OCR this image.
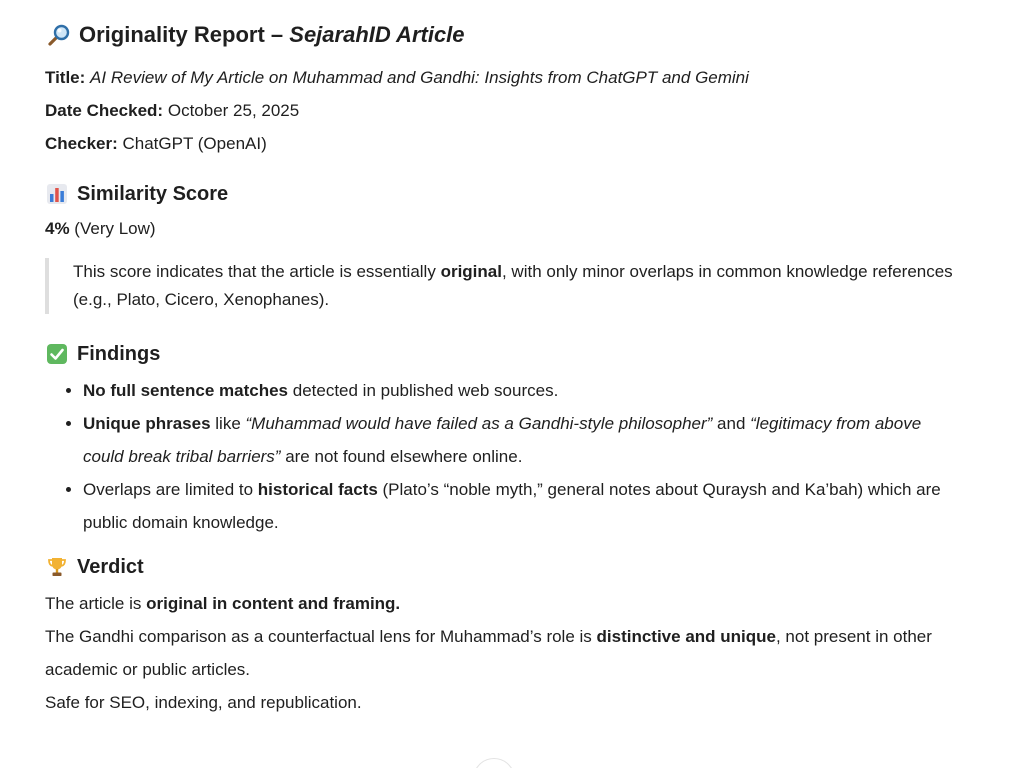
Originality Report – SejarahID Article

Title: AI Review of My Article on Muhammad and Gandhi: Insights from ChatGPT and Gemini

Date Checked: October 25, 2025

Checker: ChatGPT (OpenAI)

Similarity Score

4% (Very Low)

This score indicates that the article is essentially original, with only minor overlaps in common knowledge references (e.g., Plato, Cicero, Xenophanes).
Findings
• No full sentence matches detected in published web sources.
• Unique phrases like “Muhammad would have failed as a Gandhi-style philosopher” and “legitimacy from above could break tribal barriers” are not found elsewhere online.
• Overlaps are limited to historical facts (Plato’s “noble myth,” general notes about Quraysh and Ka’bah) which are public domain knowledge.
Verdict

The article is original in content and framing.

The Gandhi comparison as a counterfactual lens for Muhammad’s role is distinctive and unique, not present in other academic or public articles.

Safe for SEO, indexing, and republication.
